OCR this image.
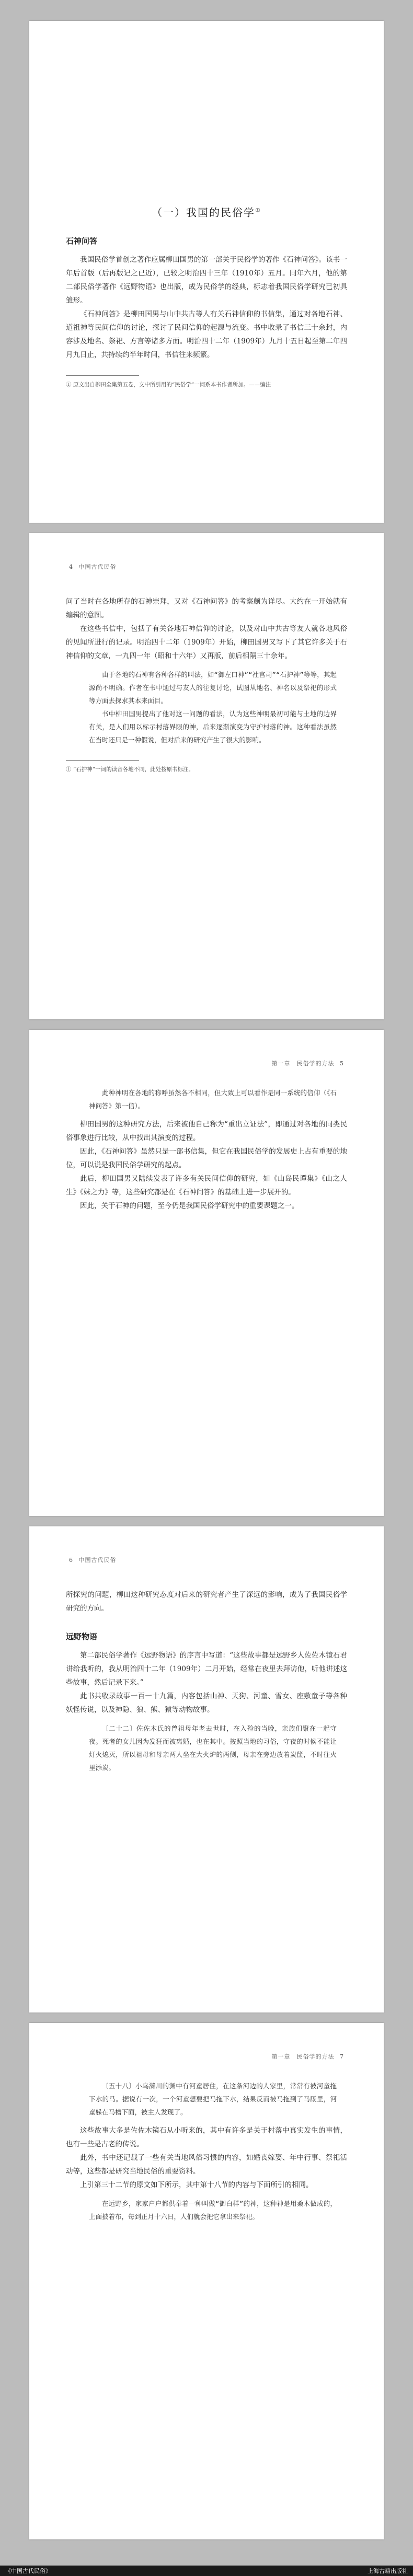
（一）我国的民俗学①
石神问答

我国民俗学首创之著作应属柳田国男的第一部关于民俗学的著作《石神问答》。该书一年后首版（后再版记之已近），已较之明治四十三年（1910年）五月。同年六月，他的第二部民俗学著作《远野物语》也出版，成为民俗学的经典，标志着我国民俗学研究已初具雏形。

《石神问答》是柳田国男与山中共古等人有关石神信仰的书信集，通过对各地石神、道祖神等民间信仰的讨论，探讨了民间信仰的起源与流变。书中收录了书信三十余封，内容涉及地名、祭祀、方言等诸多方面。明治四十二年（1909年）九月十五日起至第二年四月九日止，共持续约半年时间，书信往来频繁。

① 原文出自柳田全集第五卷，文中所引用的“民俗学”一词系本书作者所加。——编注

4 中国古代民俗

问了当时在各地所存的石神崇拜，又对《石神问答》的考察颇为详尽。大约在一开始就有编辑的意图。

在这些书信中，包括了有关各地石神信仰的讨论，以及对山中共古等友人就各地风俗的见闻所进行的记录。明治四十二年（1909年）开始，柳田国男又写下了其它许多关于石神信仰的文章，一九四一年（昭和十六年）又再版，前后相隔三十余年。

由于各地的石神有各种各样的叫法，如“御左口神”“社宫司”“石护神”等等，其起源尚不明确。作者在书中通过与友人的往复讨论，试图从地名、神名以及祭祀的形式等方面去探求其本来面目。

书中柳田国男提出了他对这一问题的看法，认为这些神明最初可能与土地的边界有关，是人们用以标示村落界限的神，后来逐渐演变为守护村落的神。这种看法虽然在当时还只是一种假说，但对后来的研究产生了很大的影响。

① “石护神”一词的读音各地不同，此处按原书标注。

第一章　民俗学的方法 5

此种神明在各地的称呼虽然各不相同，但大致上可以看作是同一系统的信仰（《石神问答》第一信）。

柳田国男的这种研究方法，后来被他自己称为“重出立证法”，即通过对各地的同类民俗事象进行比较，从中找出其演变的过程。

因此，《石神问答》虽然只是一部书信集，但它在我国民俗学的发展史上占有重要的地位，可以说是我国民俗学研究的起点。

此后，柳田国男又陆续发表了许多有关民间信仰的研究，如《山岛民谭集》《山之人生》《妹之力》等，这些研究都是在《石神问答》的基础上进一步展开的。

因此，关于石神的问题，至今仍是我国民俗学研究中的重要课题之一。

6 中国古代民俗

所探究的问题，柳田这种研究态度对后来的研究者产生了深远的影响，成为了我国民俗学研究的方向。

远野物语

第二部民俗学著作《远野物语》的序言中写道：“这些故事都是远野乡人佐佐木镜石君讲给我听的，我从明治四十二年（1909年）二月开始，经常在夜里去拜访他，听他讲述这些故事，然后记录下来。”

此书共收录故事一百一十九篇，内容包括山神、天狗、河童、雪女、座敷童子等各种妖怪传说，以及神隐、狼、熊、猿等动物故事。

〔二十二〕佐佐木氏的曾祖母年老去世时，在入殓的当晚，亲族们聚在一起守夜。死者的女儿因为发狂而被离婚，也在其中。按照当地的习俗，守夜的时候不能让灯火熄灭，所以祖母和母亲两人坐在大火炉的两侧，母亲在旁边放着炭筐，不时往火里添炭。

第一章　民俗学的方法 7

〔五十八〕小乌濑川的渊中有河童居住，在这条河边的人家里，常常有被河童拖下水的马。据说有一次，一个河童想要把马拖下水，结果反而被马拖到了马厩里，河童躲在马槽下面，被主人发现了。

这些故事大多是佐佐木镜石从小听来的，其中有许多是关于村落中真实发生的事情，也有一些是古老的传说。

此外，书中还记载了一些有关当地风俗习惯的内容，如婚丧嫁娶、年中行事、祭祀活动等，这些都是研究当地民俗的重要资料。

上引第三十二节的原文如下所示，其中第十八节的内容与下面所引的相同。

在远野乡，家家户户都供奉着一种叫做“御白样”的神，这种神是用桑木做成的，上面披着布，每到正月十六日，人们就会把它拿出来祭祀。

《中国古代民俗》	上海古籍出版社
